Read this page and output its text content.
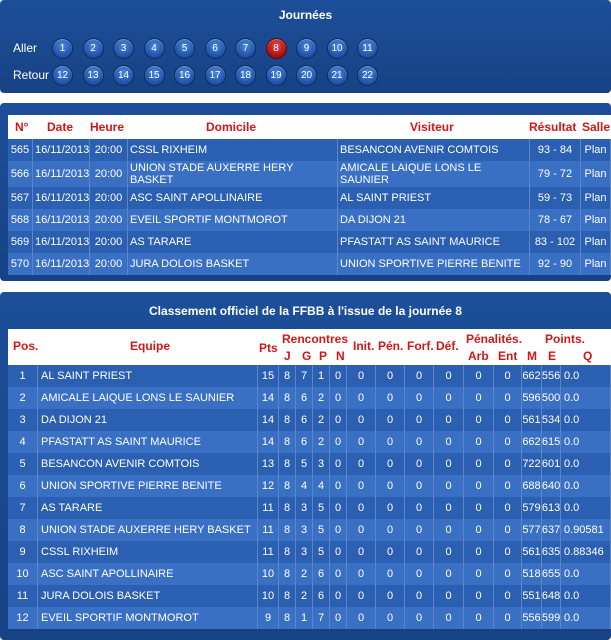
Journées
Aller	1	2	3	4	5	6	7	8	9	10	11
Retour 12	13	14	15	16	17	18	19	20	21	22
N° Date Heure	Domicile	Visiteur	Résultat Salle
565 16/11/2013 20:00 CSSL RIXHEIM	BESANCON AVENIR COMTOIS	93 - 84	Plan
566 16/11/2013 20:00 UNION STADE AUXERRE HERY BASKET
AMICALE LAIQUE LONS LE SAUNIER	79 - 72	Plan
567 16/11/2013 20:00 ASC SAINT APOLLINAIRE	AL SAINT PRIEST	59 - 73	Plan
568 16/11/2013 20:00 EVEIL SPORTIF MONTMOROT	DA DIJON 21	78 - 67	Plan
569 16/11/2013 20:00 AS TARARE	PFASTATT AS SAINT MAURICE	83 - 102 Plan
570 16/11/2013 20:00 JURA DOLOIS BASKET	UNION SPORTIVE PIERRE BENITE	92 - 90	Plan
Classement officiel de la FFBB à l'issue de la journée 8
Pos.	Equipe	Pts
Rencontres
J G P N
Init. Pén. Forf. Déf. Pénalités.
Arb Ent
Points.
M E Q
1	AL SAINT PRIEST	15 8 7 1 0	0	0	0	0	0	0	662 556 0.0
2	AMICALE LAIQUE LONS LE SAUNIER	14 8 6 2 0	0	0	0	0	0	0	596 500 0.0
3	DA DIJON 21	14 8 6 2 0	0	0	0	0	0	0	561 534 0.0
4	PFASTATT AS SAINT MAURICE	14 8 6 2 0	0	0	0	0	0	0	662 615 0.0
5	BESANCON AVENIR COMTOIS	13 8 5 3 0	0	0	0	0	0	0	722 601 0.0
6	UNION SPORTIVE PIERRE BENITE	12 8 4 4 0	0	0	0	0	0	0	688 640 0.0
7	AS TARARE	11 8 3 5 0	0	0	0	0	0	0	579 613 0.0
8	UNION STADE AUXERRE HERY BASKET	11 8 3 5 0	0	0	0	0	0	0	577 637 0.90581
9	CSSL RIXHEIM	11 8 3 5 0	0	0	0	0	0	0	561 635 0.88346
10	ASC SAINT APOLLINAIRE	10 8 2 6 0	0	0	0	0	0	0	518 655 0.0
11	JURA DOLOIS BASKET	10 8 2 6 0	0	0	0	0	0	0	551 648 0.0
12	EVEIL SPORTIF MONTMOROT	9	8 1 7 0	0	0	0	0	0	0	556 599 0.0
